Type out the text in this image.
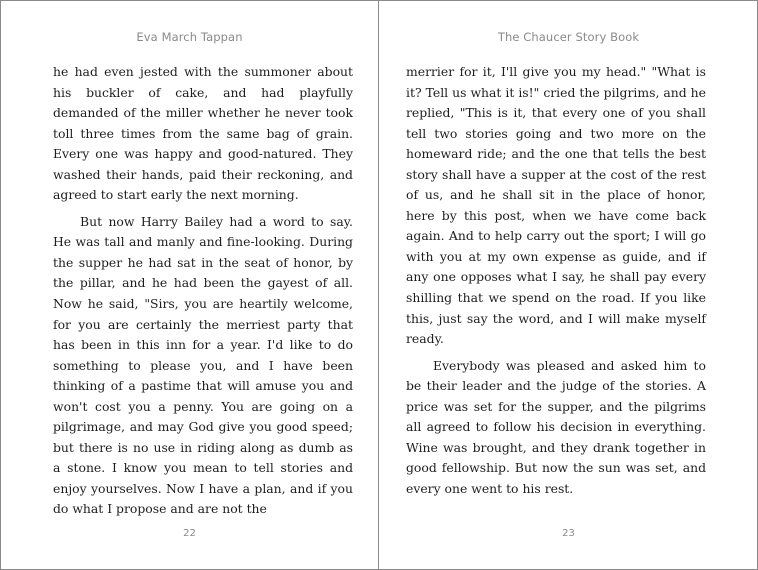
Eva March Tappan

he had even jested with the summoner about his buckler of cake, and had playfully demanded of the miller whether he never took toll three times from the same bag of grain. Every one was happy and good-natured. They washed their hands, paid their reckoning, and agreed to start early the next morning.

But now Harry Bailey had a word to say. He was tall and manly and fine-looking. During the supper he had sat in the seat of honor, by the pillar, and he had been the gayest of all. Now he said, "Sirs, you are heartily welcome, for you are certainly the merriest party that has been in this inn for a year. I'd like to do something to please you, and I have been thinking of a pastime that will amuse you and won't cost you a penny. You are going on a pilgrimage, and may God give you good speed; but there is no use in riding along as dumb as a stone. I know you mean to tell stories and enjoy yourselves. Now I have a plan, and if you do what I propose and are not the

22
The Chaucer Story Book

merrier for it, I'll give you my head." "What is it? Tell us what it is!" cried the pilgrims, and he replied, "This is it, that every one of you shall tell two stories going and two more on the homeward ride; and the one that tells the best story shall have a supper at the cost of the rest of us, and he shall sit in the place of honor, here by this post, when we have come back again. And to help carry out the sport; I will go with you at my own expense as guide, and if any one opposes what I say, he shall pay every shilling that we spend on the road. If you like this, just say the word, and I will make myself ready.

Everybody was pleased and asked him to be their leader and the judge of the stories. A price was set for the supper, and the pilgrims all agreed to follow his decision in everything. Wine was brought, and they drank together in good fellowship. But now the sun was set, and every one went to his rest.

23
